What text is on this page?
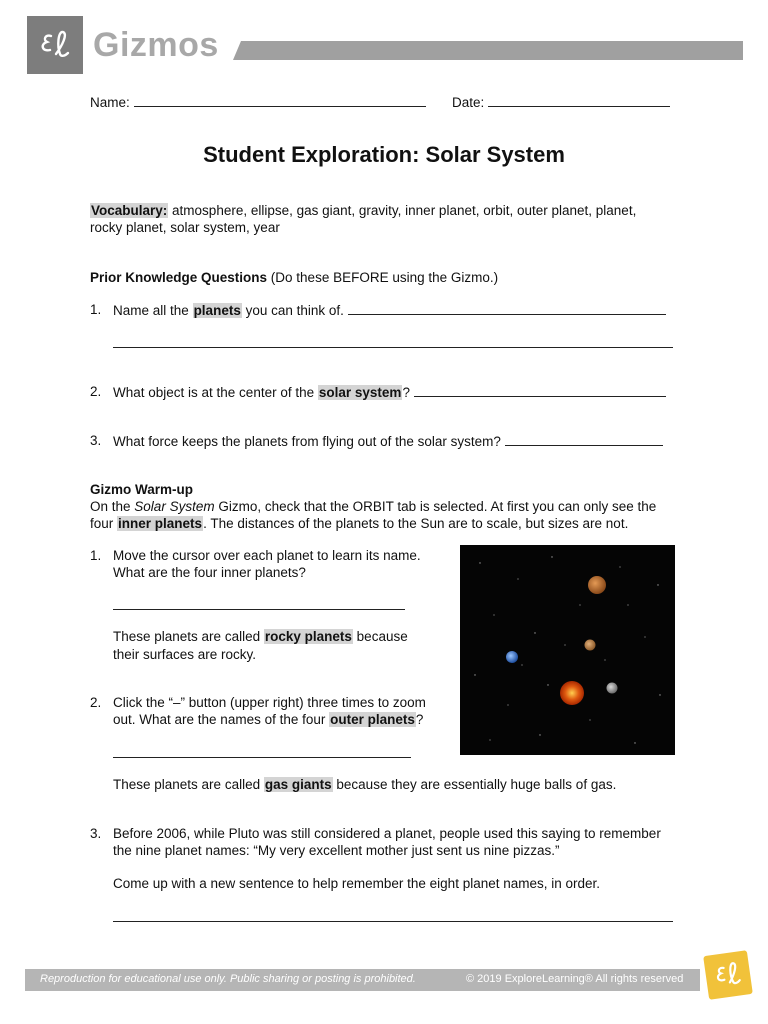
Gizmos
Name:	Date:
Student Exploration: Solar System
Vocabulary: atmosphere, ellipse, gas giant, gravity, inner planet, orbit, outer planet, planet,
rocky planet, solar system, year
Prior Knowledge Questions (Do these BEFORE using the Gizmo.)
1. Name all the planets you can think of.
2. What object is at the center of the solar system?
3. What force keeps the planets from flying out of the solar system?
Gizmo Warm-up
On the Solar System Gizmo, check that the ORBIT tab is selected. At first you can only see the
four inner planets. The distances of the planets to the Sun are to scale, but sizes are not.
1. Move the cursor over each planet to learn its name.
What are the four inner planets?
These planets are called rocky planets because
their surfaces are rocky.
2. Click the “–” button (upper right) three times to zoom
out. What are the names of the four outer planets?
These planets are called gas giants because they are essentially huge balls of gas.
3. Before 2006, while Pluto was still considered a planet, people used this saying to remember
the nine planet names: “My very excellent mother just sent us nine pizzas.”
Come up with a new sentence to help remember the eight planet names, in order.
Reproduction for educational use only. Public sharing or posting is prohibited.	© 2019 ExploreLearning® All rights reserved
